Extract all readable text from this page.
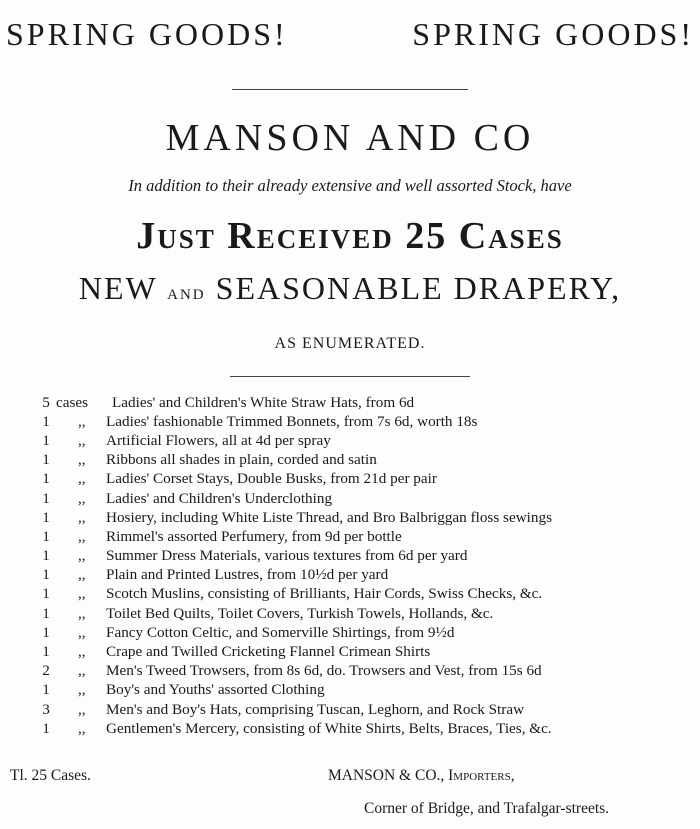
SPRING GOODS!	SPRING GOODS!
MANSON AND CO
In addition to their already extensive and well assorted Stock, have
Just Received 25 Cases
NEW and SEASONABLE DRAPERY,
AS ENUMERATED.
5 cases	Ladies' and Children's White Straw Hats, from 6d
1	,,	Ladies' fashionable Trimmed Bonnets, from 7s 6d, worth 18s
1	,,	Artificial Flowers, all at 4d per spray
1	,,	Ribbons all shades in plain, corded and satin
1	,,	Ladies' Corset Stays, Double Busks, from 21d per pair
1	,,	Ladies' and Children's Underclothing
1	,,	Hosiery, including White Liste Thread, and Bro Balbriggan floss sewings
1	,,	Rimmel's assorted Perfumery, from 9d per bottle
1	,,	Summer Dress Materials, various textures from 6d per yard
1	,,	Plain and Printed Lustres, from 10½d per yard
1	,,	Scotch Muslins, consisting of Brilliants, Hair Cords, Swiss Checks, &c.
1	,,	Toilet Bed Quilts, Toilet Covers, Turkish Towels, Hollands, &c.
1	,,	Fancy Cotton Celtic, and Somerville Shirtings, from 9½d
1	,,	Crape and Twilled Cricketing Flannel Crimean Shirts
2	,,	Men's Tweed Trowsers, from 8s 6d, do. Trowsers and Vest, from 15s 6d
1	,,	Boy's and Youths' assorted Clothing
3	,,	Men's and Boy's Hats, comprising Tuscan, Leghorn, and Rock Straw
1	,,	Gentlemen's Mercery, consisting of White Shirts, Belts, Braces, Ties, &c.
Tl. 25 Cases.	MANSON & CO., Importers,
Corner of Bridge, and Trafalgar-streets.
